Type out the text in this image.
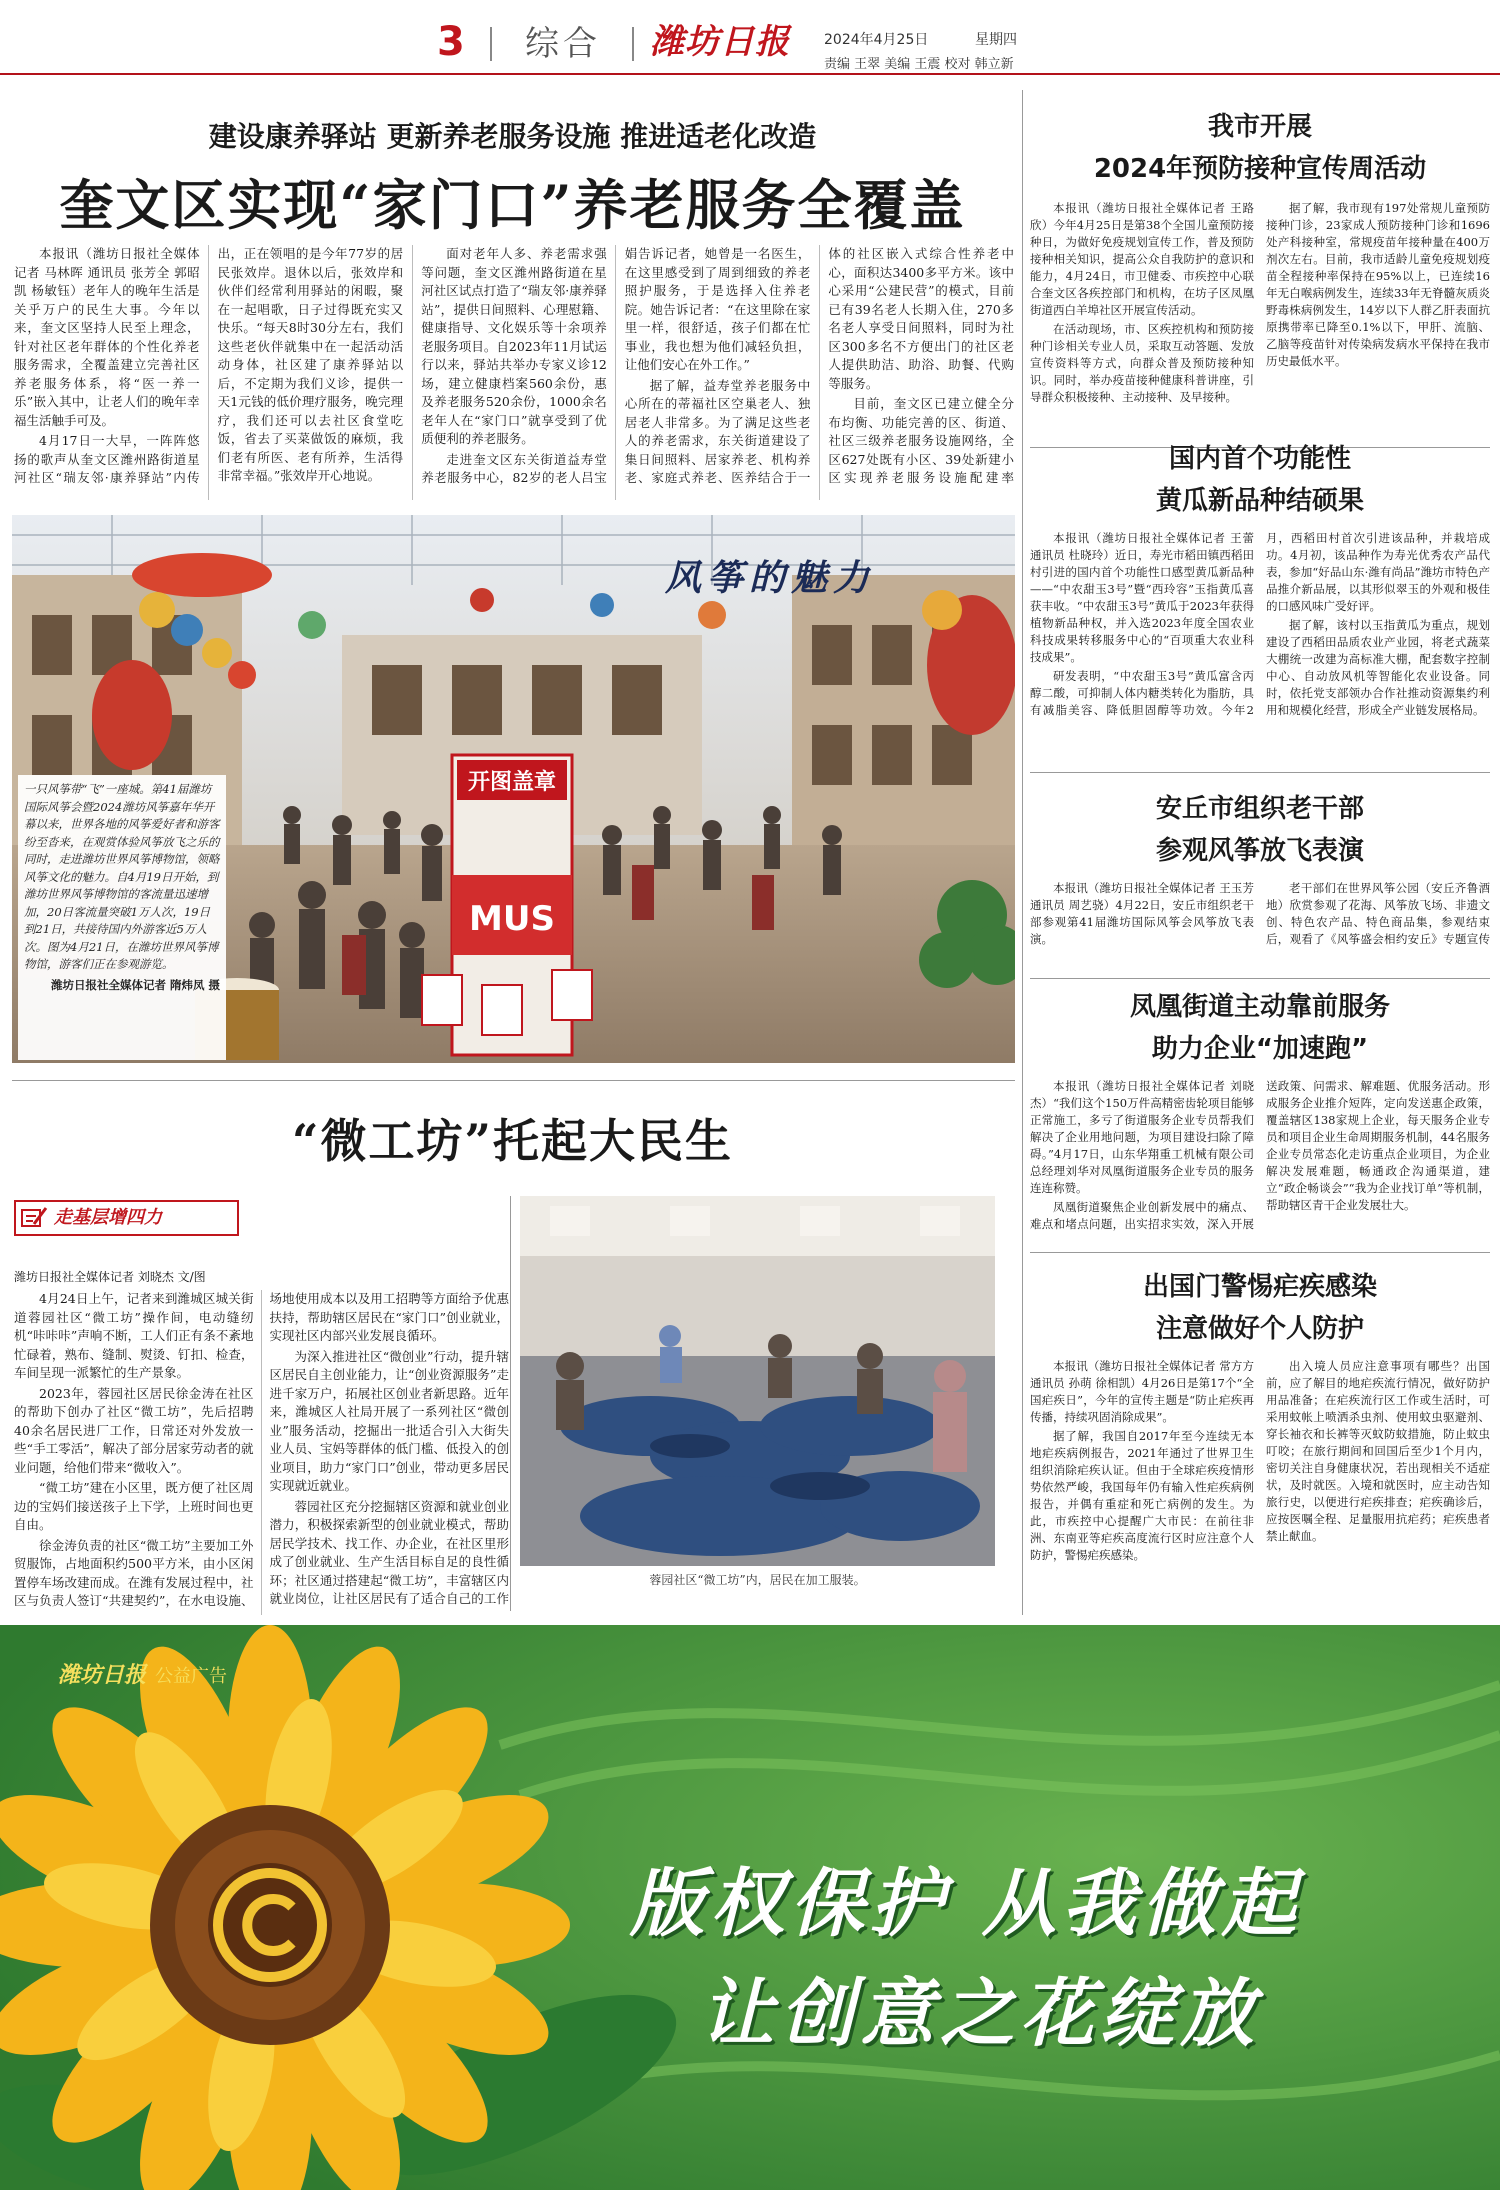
3 综合 潍坊日报 2024年4月25日	星期四
责编 王翠 美编 王震 校对 韩立新
建设康养驿站 更新养老服务设施 推进适老化改造
奎文区实现“家门口”养老服务全覆盖

本报讯（潍坊日报社全媒体记者 马林晖 通讯员 张芳全 郭昭凯 杨敏钰）老年人的晚年生活是关乎万户的民生大事。今年以来，奎文区坚持人民至上理念，针对社区老年群体的个性化养老服务需求，全覆盖建立完善社区养老服务体系，将“医一养一乐”嵌入其中，让老人们的晚年幸福生活触手可及。

4月17日一大早，一阵阵悠扬的歌声从奎文区潍州路街道星河社区“瑞友邻·康养驿站”内传出，正在领唱的是今年77岁的居民张效岸。退休以后，张效岸和伙伴们经常利用驿站的闲暇，聚在一起唱歌，日子过得既充实又快乐。“每天8时30分左右，我们这些老伙伴就集中在一起活动活动身体，社区建了康养驿站以后，不定期为我们义诊，提供一天1元钱的低价理疗服务，晚完理疗，我们还可以去社区食堂吃饭，省去了买菜做饭的麻烦，我们老有所医、老有所养，生活得非常幸福。”张效岸开心地说。

面对老年人多、养老需求强等问题，奎文区潍州路街道在星河社区试点打造了“瑞友邻·康养驿站”，提供日间照料、心理慰籍、健康指导、文化娱乐等十余项养老服务项目。自2023年11月试运行以来，驿站共举办专家义诊12场，建立健康档案560余份，惠及养老服务520余份，1000余名老年人在“家门口”就享受到了优质便利的养老服务。

走进奎文区东关街道益寿堂养老服务中心，82岁的老人吕宝娟告诉记者，她曾是一名医生，在这里感受到了周到细致的养老照护服务，于是选择入住养老院。她告诉记者：“在这里除在家里一样，很舒适，孩子们都在忙事业，我也想为他们减轻负担，让他们安心在外工作。”

据了解，益寿堂养老服务中心所在的蒂福社区空巢老人、独居老人非常多。为了满足这些老人的养老需求，东关街道建设了集日间照料、居家养老、机构养老、家庭式养老、医养结合于一体的社区嵌入式综合性养老中心，面积达3400多平方米。该中心采用“公建民营”的模式，目前已有39名老人长期入住，270多名老人享受日间照料，同时为社区300多名不方便出门的社区老人提供助洁、助浴、助餐、代购等服务。

目前，奎文区已建立健全分布均衡、功能完善的区、街道、社区三级养老服务设施网络，全区627处既有小区、39处新建小区实现养老服务设施配建率

开图盖章
MUS
风筝的魅力
一只风筝带“飞”一座城。第41届潍坊国际风筝会暨2024潍坊风筝嘉年华开幕以来，世界各地的风筝爱好者和游客纷至沓来，在观赏体验风筝放飞之乐的同时，走进潍坊世界风筝博物馆，领略风筝文化的魅力。自4月19日开始，到潍坊世界风筝博物馆的客流量迅速增加，20日客流量突破1万人次，19日到21日，共接待国内外游客近5万人次。图为4月21日，在潍坊世界风筝博物馆，游客们正在参观游览。
潍坊日报社全媒体记者 隋炜凤 摄
“微工坊”托起大民生
走基层增四力
潍坊日报社全媒体记者 刘晓杰 文/图

4月24日上午，记者来到潍城区城关街道蓉园社区“微工坊”操作间，电动缝纫机“咔咔咔”声响不断，工人们正有条不紊地忙碌着，熟布、缝制、熨烫、钉扣、检查，车间呈现一派繁忙的生产景象。

2023年，蓉园社区居民徐金涛在社区的帮助下创办了社区“微工坊”，先后招聘40余名居民进厂工作，日常还对外发放一些“手工零活”，解决了部分居家劳动者的就业问题，给他们带来“微收入”。

“微工坊”建在小区里，既方便了社区周边的宝妈们接送孩子上下学，上班时间也更自由。

徐金涛负责的社区“微工坊”主要加工外贸服饰，占地面积约500平方米，由小区闲置停车场改建而成。在潍有发展过程中，社区与负责人签订“共建契约”，在水电设施、场地使用成本以及用工招聘等方面给予优惠扶持，帮助辖区居民在“家门口”创业就业，实现社区内部兴业发展良循环。

为深入推进社区“微创业”行动，提升辖区居民自主创业能力，让“创业资源服务”走进千家万户，拓展社区创业者新思路。近年来，潍城区人社局开展了一系列社区“微创业”服务活动，挖掘出一批适合引入大街失业人员、宝妈等群体的低门槛、低投入的创业项目，助力“家门口”创业，带动更多居民实现就近就业。

蓉园社区充分挖掘辖区资源和就业创业潜力，积极探索新型的创业就业模式，帮助居民学技术、找工作、办企业，在社区里形成了创业就业、生产生活目标自足的良性循环；社区通过搭建起“微工坊”，丰富辖区内就业岗位，让社区居民有了适合自己的工作

蓉园社区“微工坊”内，居民在加工服装。
我市开展
2024年预防接种宣传周活动

本报讯（潍坊日报社全媒体记者 王路欣）今年4月25日是第38个全国儿童预防接种日，为做好免疫规划宣传工作，普及预防接种相关知识，提高公众自我防护的意识和能力，4月24日，市卫健委、市疾控中心联合奎文区各疾控部门和机构，在坊子区凤凰街道西白羊埠社区开展宣传活动。

在活动现场，市、区疾控机构和预防接种门诊相关专业人员，采取互动答题、发放宣传资料等方式，向群众普及预防接种知识。同时，举办疫苗接种健康科普讲座，引导群众积极接种、主动接种、及早接种。

据了解，我市现有197处常规儿童预防接种门诊，23家成人预防接种门诊和1696处产科接种室，常规疫苗年接种量在400万剂次左右。目前，我市适龄儿童免疫规划疫苗全程接种率保持在95%以上，已连续16年无白喉病例发生，连续33年无脊髓灰质炎野毒株病例发生，14岁以下人群乙肝表面抗原携带率已降至0.1%以下，甲肝、流脑、乙脑等疫苗针对传染病发病水平保持在我市历史最低水平。

国内首个功能性
黄瓜新品种结硕果

本报讯（潍坊日报社全媒体记者 王蕾 通讯员 杜晓玲）近日，寿光市稻田镇西稻田村引进的国内首个功能性口感型黄瓜新品种——“中农甜玉3号”暨“西玲容”玉指黄瓜喜获丰收。“中农甜玉3号”黄瓜于2023年获得植物新品种权，并入选2023年度全国农业科技成果转移服务中心的“百项重大农业科技成果”。

研发表明，“中农甜玉3号”黄瓜富含丙醇二酸，可抑制人体内糖类转化为脂肪，具有减脂美容、降低胆固醇等功效。今年2月，西稻田村首次引进该品种，并栽培成功。4月初，该品种作为寿光优秀农产品代表，参加“好品山东·潍有尚品”潍坊市特色产品推介新品展，以其形似翠玉的外观和极佳的口感风味广受好评。

据了解，该村以玉指黄瓜为重点，规划建设了西稻田品质农业产业园，将老式蔬菜大棚统一改建为高标准大棚，配套数字控制中心、自动放风机等智能化农业设备。同时，依托党支部领办合作社推动资源集约利用和规模化经营，形成全产业链发展格局。

安丘市组织老干部
参观风筝放飞表演

本报讯（潍坊日报社全媒体记者 王玉芳 通讯员 周艺骁）4月22日，安丘市组织老干部参观第41届潍坊国际风筝会风筝放飞表演。

老干部们在世界风筝公园（安丘齐鲁酒地）欣赏参观了花海、风筝放飞场、非遗文创、特色农产品、特色商品集，参观结束后，观看了《风筝盛会相约安丘》专题宣传

凤凰街道主动靠前服务
助力企业“加速跑”

本报讯（潍坊日报社全媒体记者 刘晓杰）“我们这个150万件高精密齿轮项目能够正常施工，多亏了街道服务企业专员帮我们解决了企业用地问题，为项目建设扫除了障碍。”4月17日，山东华翔重工机械有限公司总经理刘华对凤凰街道服务企业专员的服务连连称赞。

凤凰街道聚焦企业创新发展中的痛点、难点和堵点问题，出实招求实效，深入开展送政策、问需求、解难题、优服务活动。形成服务企业推介短阵，定向发送惠企政策，覆盖辖区138家规上企业，每天服务企业专员和项目企业生命周期服务机制，44名服务企业专员常态化走访重点企业项目，为企业解决发展难题，畅通政企沟通渠道，建立“政企畅谈会”“我为企业找订单”等机制，帮助辖区青干企业发展壮大。

出国门警惕疟疾感染
注意做好个人防护

本报讯（潍坊日报社全媒体记者 常方方 通讯员 孙萌 徐相凯）4月26日是第17个“全国疟疾日”，今年的宣传主题是“防止疟疾再传播，持续巩固消除成果”。

据了解，我国自2017年至今连续无本地疟疾病例报告，2021年通过了世界卫生组织消除疟疾认证。但由于全球疟疾疫情形势依然严峻，我国每年仍有输入性疟疾病例报告，并偶有重症和死亡病例的发生。为此，市疾控中心提醒广大市民：在前往非洲、东南亚等疟疾高度流行区时应注意个人防护，警惕疟疾感染。

出入境人员应注意事项有哪些？出国前，应了解目的地疟疾流行情况，做好防护用品准备；在疟疾流行区工作或生活时，可采用蚊帐上喷洒杀虫剂、使用蚊虫驱避剂、穿长袖衣和长裤等灭蚊防蚊措施，防止蚊虫叮咬；在旅行期间和回国后至少1个月内，密切关注自身健康状况，若出现相关不适症状，及时就医。入境和就医时，应主动告知旅行史，以便进行疟疾排查；疟疾确诊后，应按医嘱全程、足量服用抗疟药；疟疾患者禁止献血。

潍坊日报 公益广告
版权保护 从我做起
让创意之花绽放
